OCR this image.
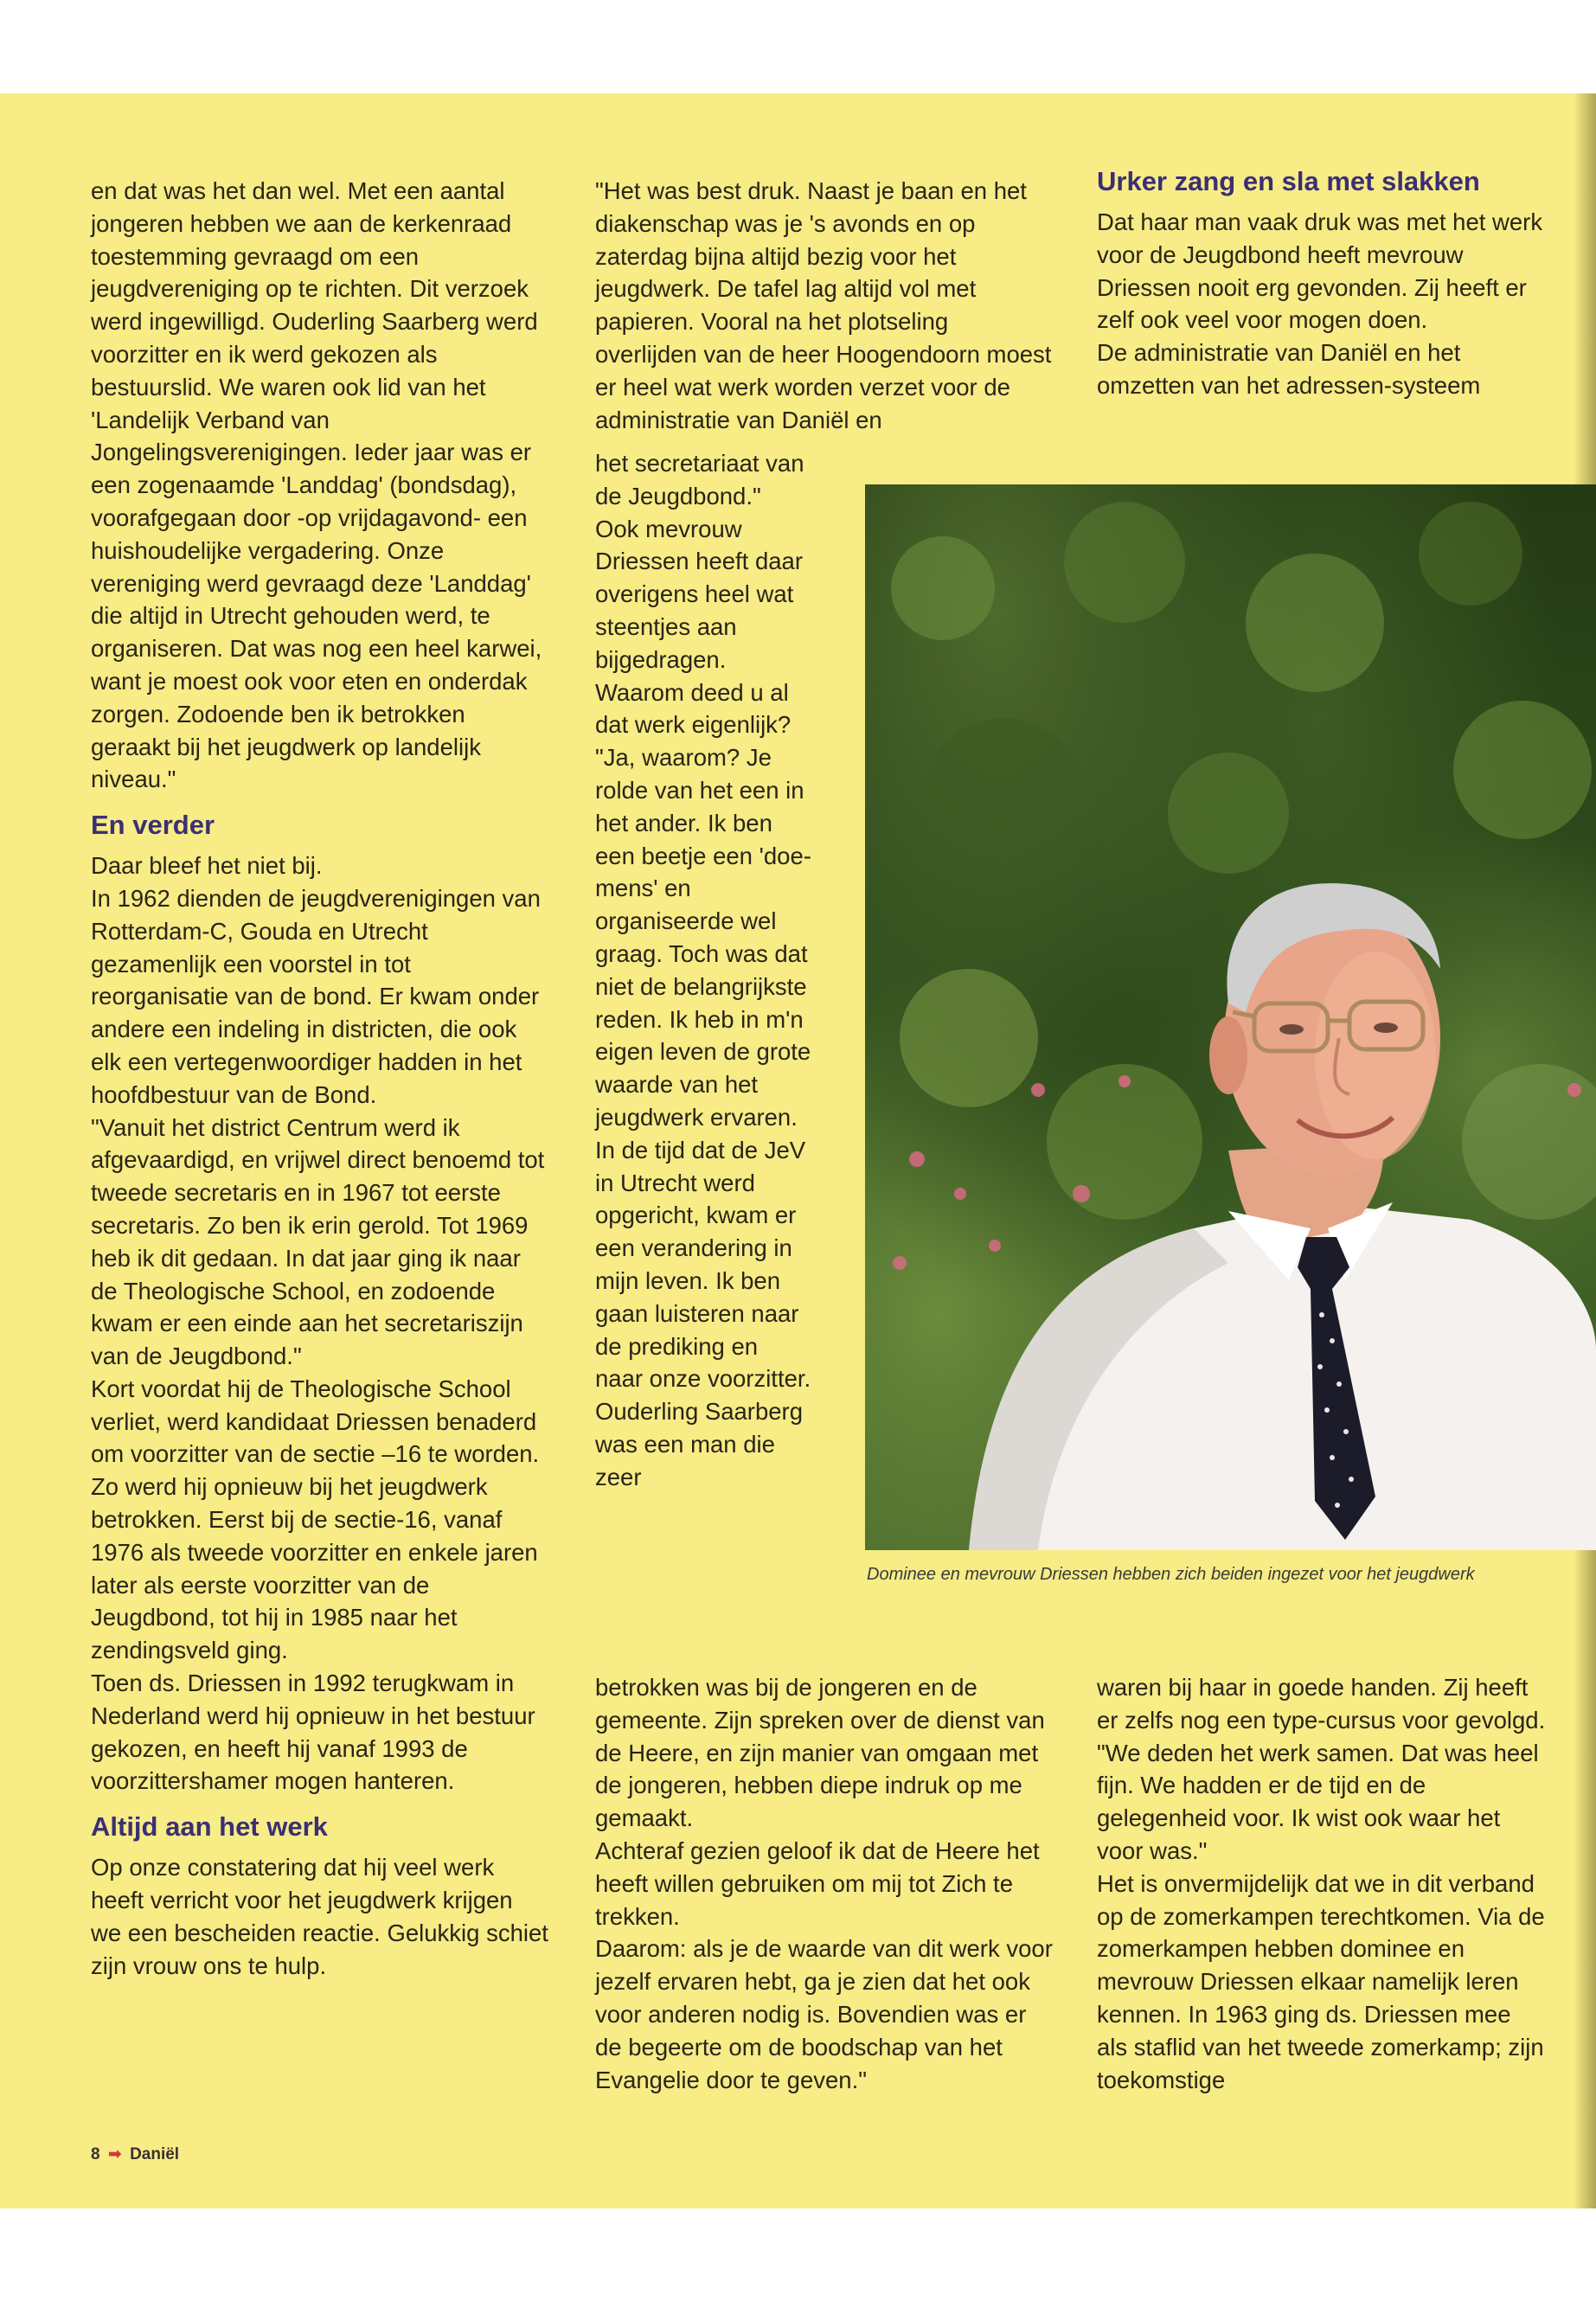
en dat was het dan wel. Met een aantal jongeren hebben we aan de kerkenraad toestemming gevraagd om een jeugdvereniging op te richten. Dit verzoek werd ingewilligd. Ouderling Saarberg werd voorzitter en ik werd gekozen als bestuurslid. We waren ook lid van het 'Landelijk Verband van Jongelingsverenigingen. Ieder jaar was er een zogenaamde 'Landdag' (bondsdag), voorafgegaan door -op vrijdagavond- een huishoudelijke vergadering. Onze vereniging werd gevraagd deze 'Landdag' die altijd in Utrecht gehouden werd, te organiseren. Dat was nog een heel karwei, want je moest ook voor eten en onderdak zorgen. Zodoende ben ik betrokken geraakt bij het jeugdwerk op landelijk niveau."

En verder

Daar bleef het niet bij.

In 1962 dienden de jeugdverenigingen van Rotterdam-C, Gouda en Utrecht gezamenlijk een voorstel in tot reorganisatie van de bond. Er kwam onder andere een indeling in districten, die ook elk een vertegenwoordiger hadden in het hoofdbestuur van de Bond.

"Vanuit het district Centrum werd ik afgevaardigd, en vrijwel direct benoemd tot tweede secretaris en in 1967 tot eerste secretaris. Zo ben ik erin gerold. Tot 1969 heb ik dit gedaan. In dat jaar ging ik naar de Theologische School, en zodoende kwam er een einde aan het secretariszijn van de Jeugdbond."

Kort voordat hij de Theologische School verliet, werd kandidaat Driessen benaderd om voorzitter van de sectie –16 te worden. Zo werd hij opnieuw bij het jeugdwerk betrokken. Eerst bij de sectie-16, vanaf 1976 als tweede voorzitter en enkele jaren later als eerste voorzitter van de Jeugdbond, tot hij in 1985 naar het zendingsveld ging.

Toen ds. Driessen in 1992 terugkwam in Nederland werd hij opnieuw in het bestuur gekozen, en heeft hij vanaf 1993 de voorzittershamer mogen hanteren.

Altijd aan het werk

Op onze constatering dat hij veel werk heeft verricht voor het jeugdwerk krijgen we een bescheiden reactie. Gelukkig schiet zijn vrouw ons te hulp.

"Het was best druk. Naast je baan en het diakenschap was je 's avonds en op zaterdag bijna altijd bezig voor het jeugdwerk. De tafel lag altijd vol met papieren. Vooral na het plotseling overlijden van de heer Hoogendoorn moest er heel wat werk worden verzet voor de administratie van Daniël en

het secretariaat van de Jeugdbond."

Ook mevrouw Driessen heeft daar overigens heel wat steentjes aan bijgedragen.

Waarom deed u al dat werk eigenlijk?

"Ja, waarom? Je rolde van het een in het ander. Ik ben een beetje een 'doe-mens' en organiseerde wel graag. Toch was dat niet de belangrijkste reden. Ik heb in m'n eigen leven de grote waarde van het jeugdwerk ervaren. In de tijd dat de JeV in Utrecht werd opgericht, kwam er een verandering in mijn leven. Ik ben gaan luisteren naar de prediking en naar onze voorzitter. Ouderling Saarberg was een man die zeer

betrokken was bij de jongeren en de gemeente. Zijn spreken over de dienst van de Heere, en zijn manier van omgaan met de jongeren, hebben diepe indruk op me gemaakt.

Achteraf gezien geloof ik dat de Heere het heeft willen gebruiken om mij tot Zich te trekken.

Daarom: als je de waarde van dit werk voor jezelf ervaren hebt, ga je zien dat het ook voor anderen nodig is. Bovendien was er de begeerte om de boodschap van het Evangelie door te geven."

Urker zang en sla met slakken

Dat haar man vaak druk was met het werk voor de Jeugdbond heeft mevrouw Driessen nooit erg gevonden. Zij heeft er zelf ook veel voor mogen doen.

De administratie van Daniël en het omzetten van het adressen-systeem

waren bij haar in goede handen. Zij heeft er zelfs nog een type-cursus voor gevolgd.

"We deden het werk samen. Dat was heel fijn. We hadden er de tijd en de gelegenheid voor. Ik wist ook waar het voor was."

Het is onvermijdelijk dat we in dit verband op de zomerkampen terechtkomen. Via de zomerkampen hebben dominee en mevrouw Driessen elkaar namelijk leren kennen. In 1963 ging ds. Driessen mee als staflid van het tweede zomerkamp; zijn toekomstige

Dominee en mevrouw Driessen hebben zich beiden ingezet voor het jeugdwerk
8 ➡ Daniël
